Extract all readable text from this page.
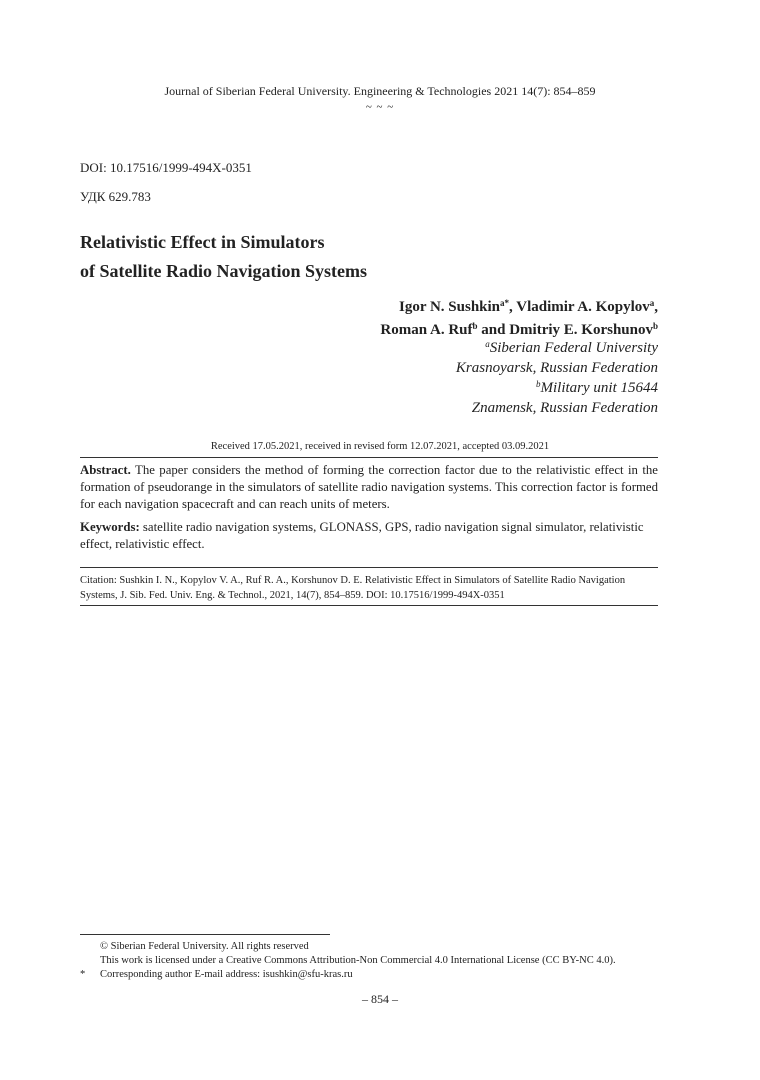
Journal of Siberian Federal University. Engineering & Technologies 2021 14(7): 854–859
~ ~ ~
DOI: 10.17516/1999-494X-0351
УДК 629.783
Relativistic Effect in Simulators
of Satellite Radio Navigation Systems
Igor N. Sushkin$^{a*}$, Vladimir A. Kopylov$^a$,
Roman A. Ruf$^b$ and Dmitriy E. Korshunov$^b$
$^a$Siberian Federal University
Krasnoyarsk, Russian Federation
$^b$Military unit 15644
Znamensk, Russian Federation
Received 17.05.2021, received in revised form 12.07.2021, accepted 03.09.2021
Abstract. The paper considers the method of forming the correction factor due to the relativistic effect in the formation of pseudorange in the simulators of satellite radio navigation systems. This correction factor is formed for each navigation spacecraft and can reach units of meters.
Keywords: satellite radio navigation systems, GLONASS, GPS, radio navigation signal simulator, relativistic effect, relativistic effect.
Citation: Sushkin I. N., Kopylov V. A., Ruf R. A., Korshunov D. E. Relativistic Effect in Simulators of Satellite Radio Navigation Systems, J. Sib. Fed. Univ. Eng. & Technol., 2021, 14(7), 854–859. DOI: 10.17516/1999-494X-0351
© Siberian Federal University. All rights reserved
This work is licensed under a Creative Commons Attribution-Non Commercial 4.0 International License (CC BY-NC 4.0).
* Corresponding author E-mail address: isushkin@sfu-kras.ru
– 854 –
